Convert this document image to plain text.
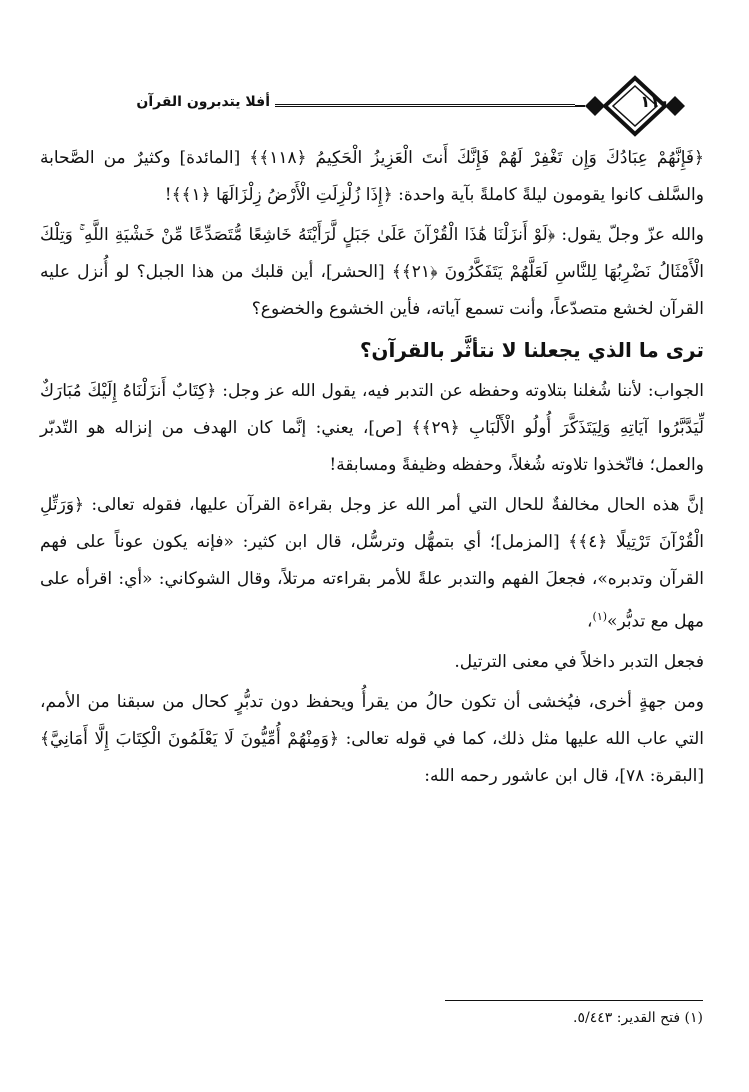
أفلا يتدبرون القرآن	١١٠

﴿فَإِنَّهُمْ عِبَادُكَ وَإِن تَغْفِرْ لَهُمْ فَإِنَّكَ أَنتَ الْعَزِيزُ الْحَكِيمُ ﴿١١٨﴾﴾ [المائدة] وكثيرٌ من الصَّحابة والسَّلف كانوا يقومون ليلةً كاملةً بآية واحدة: ﴿إِذَا زُلْزِلَتِ الْأَرْضُ زِلْزَالَهَا ﴿١﴾﴾!

والله عزّ وجلّ يقول: ﴿لَوْ أَنزَلْنَا هَٰذَا الْقُرْآنَ عَلَىٰ جَبَلٍ لَّرَأَيْتَهُ خَاشِعًا مُّتَصَدِّعًا مِّنْ خَشْيَةِ اللَّهِ ۚ وَتِلْكَ الْأَمْثَالُ نَضْرِبُهَا لِلنَّاسِ لَعَلَّهُمْ يَتَفَكَّرُونَ ﴿٢١﴾﴾ [الحشر]، أين قلبك من هذا الجبل؟ لو أُنزل عليه القرآن لخشع متصدّعاً، وأنت تسمع آياته، فأين الخشوع والخضوع؟

ترى ما الذي يجعلنا لا نتأثَّر بالقرآن؟

الجواب: لأننا شُغلنا بتلاوته وحفظه عن التدبر فيه، يقول الله عز وجل: ﴿كِتَابٌ أَنزَلْنَاهُ إِلَيْكَ مُبَارَكٌ لِّيَدَّبَّرُوا آيَاتِهِ وَلِيَتَذَكَّرَ أُولُو الْأَلْبَابِ ﴿٢٩﴾﴾ [ص]، يعني: إنَّما كان الهدف من إنزاله هو التّدبّر والعمل؛ فاتّخذوا تلاوته شُغلاً، وحفظه وظيفةً ومسابقة!

إنَّ هذه الحال مخالفةٌ للحال التي أمر الله عز وجل بقراءة القرآن عليها، فقوله تعالى: ﴿وَرَتِّلِ الْقُرْآنَ تَرْتِيلًا ﴿٤﴾﴾ [المزمل]؛ أي بتمهُّل وترسُّل، قال ابن كثير: «فإنه يكون عوناً على فهم القرآن وتدبره»، فجعلَ الفهم والتدبر علةً للأمر بقراءته مرتلاً، وقال الشوكاني: «أي: اقرأه على مهل مع تدبُّر»$^{(١)}$،

فجعل التدبر داخلاً في معنى الترتيل.

ومن جهةٍ أخرى، فيُخشى أن تكون حالُ من يقرأُ ويحفظ دون تدبُّرٍ كحال من سبقنا من الأمم، التي عاب الله عليها مثل ذلك، كما في قوله تعالى: ﴿وَمِنْهُمْ أُمِّيُّونَ لَا يَعْلَمُونَ الْكِتَابَ إِلَّا أَمَانِيَّ﴾ [البقرة: ٧٨]، قال ابن عاشور رحمه الله:

(١) فتح القدير: ٥/٤٤٣.
